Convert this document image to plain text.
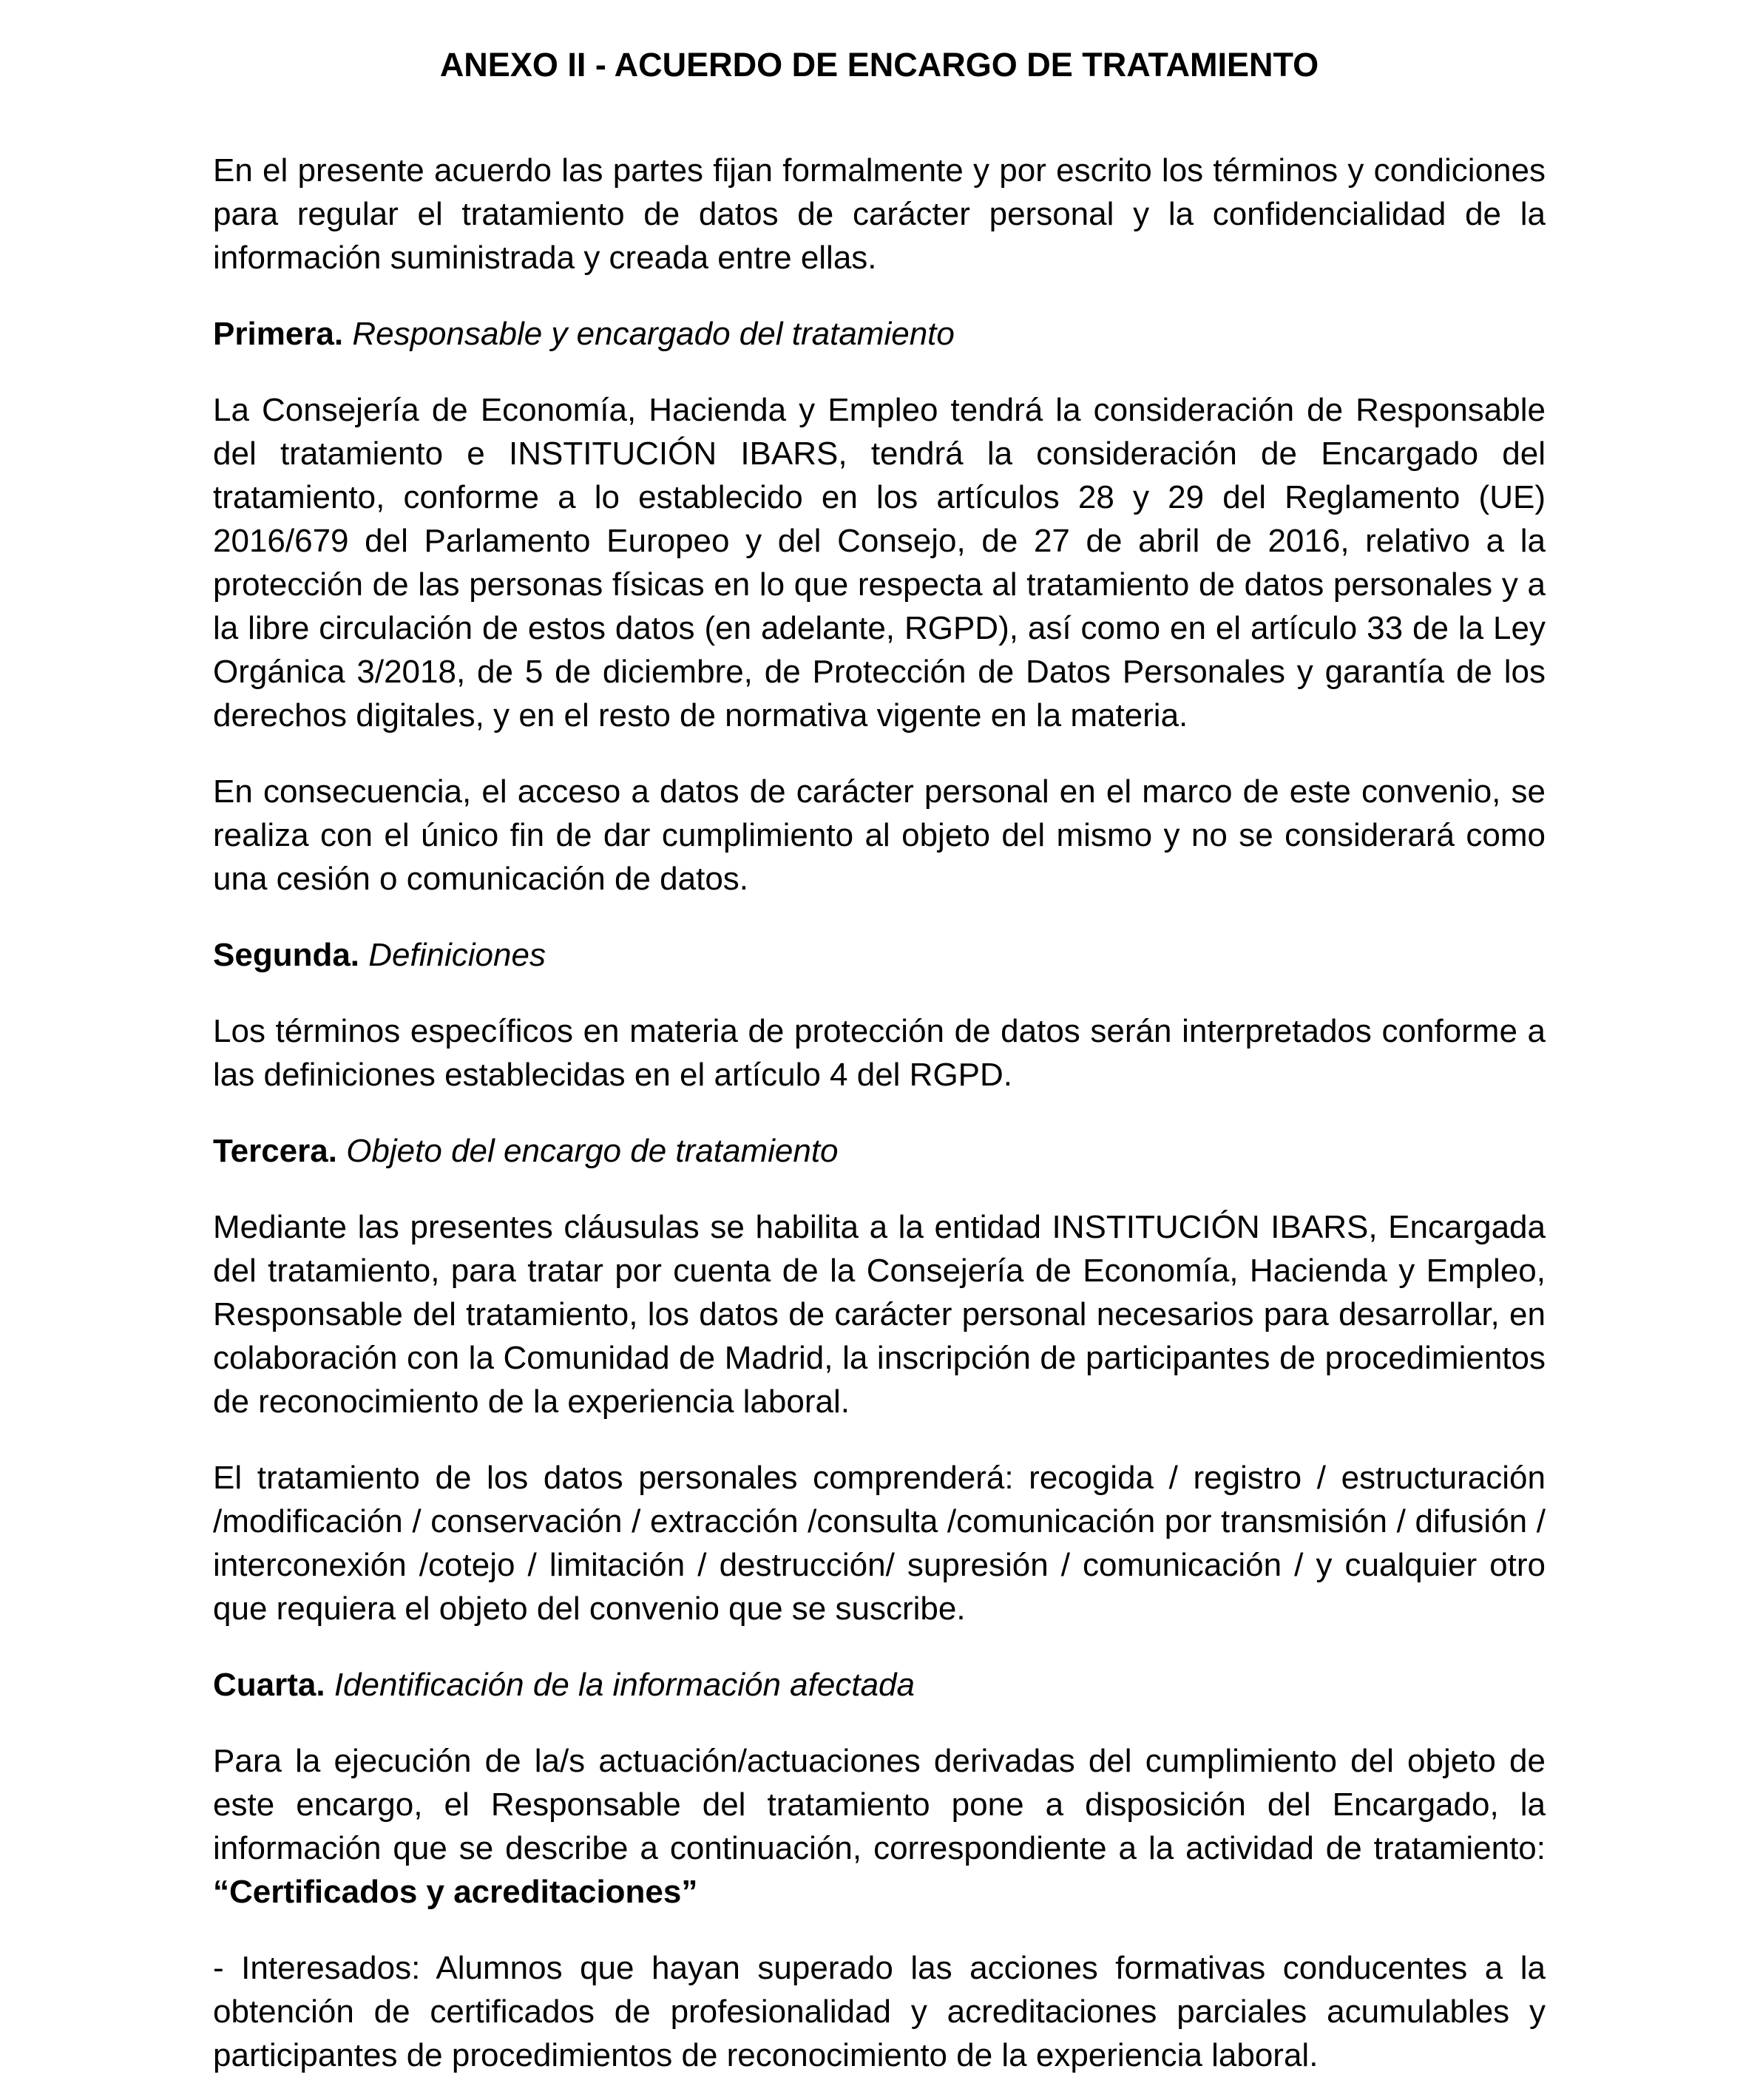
ANEXO II - ACUERDO DE ENCARGO DE TRATAMIENTO

En el presente acuerdo las partes fijan formalmente y por escrito los términos y condiciones para regular el tratamiento de datos de carácter personal y la confidencialidad de la información suministrada y creada entre ellas.

Primera. Responsable y encargado del tratamiento

La Consejería de Economía, Hacienda y Empleo tendrá la consideración de Responsable del tratamiento e INSTITUCIÓN IBARS, tendrá la consideración de Encargado del tratamiento, conforme a lo establecido en los artículos 28 y 29 del Reglamento (UE) 2016/679 del Parlamento Europeo y del Consejo, de 27 de abril de 2016, relativo a la protección de las personas físicas en lo que respecta al tratamiento de datos personales y a la libre circulación de estos datos (en adelante, RGPD), así como en el artículo 33 de la Ley Orgánica 3/2018, de 5 de diciembre, de Protección de Datos Personales y garantía de los derechos digitales, y en el resto de normativa vigente en la materia.

En consecuencia, el acceso a datos de carácter personal en el marco de este convenio, se realiza con el único fin de dar cumplimiento al objeto del mismo y no se considerará como una cesión o comunicación de datos.

Segunda. Definiciones

Los términos específicos en materia de protección de datos serán interpretados conforme a las definiciones establecidas en el artículo 4 del RGPD.

Tercera. Objeto del encargo de tratamiento

Mediante las presentes cláusulas se habilita a la entidad INSTITUCIÓN IBARS, Encargada del tratamiento, para tratar por cuenta de la Consejería de Economía, Hacienda y Empleo, Responsable del tratamiento, los datos de carácter personal necesarios para desarrollar, en colaboración con la Comunidad de Madrid, la inscripción de participantes de procedimientos de reconocimiento de la experiencia laboral.

El tratamiento de los datos personales comprenderá: recogida / registro / estructuración /modificación / conservación / extracción /consulta /comunicación por transmisión / difusión / interconexión /cotejo / limitación / destrucción/ supresión / comunicación / y cualquier otro que requiera el objeto del convenio que se suscribe.

Cuarta. Identificación de la información afectada

Para la ejecución de la/s actuación/actuaciones derivadas del cumplimiento del objeto de este encargo, el Responsable del tratamiento pone a disposición del Encargado, la información que se describe a continuación, correspondiente a la actividad de tratamiento: “Certificados y acreditaciones”

- Interesados: Alumnos que hayan superado las acciones formativas conducentes a la obtención de certificados de profesionalidad y acreditaciones parciales acumulables y participantes de procedimientos de reconocimiento de la experiencia laboral.
